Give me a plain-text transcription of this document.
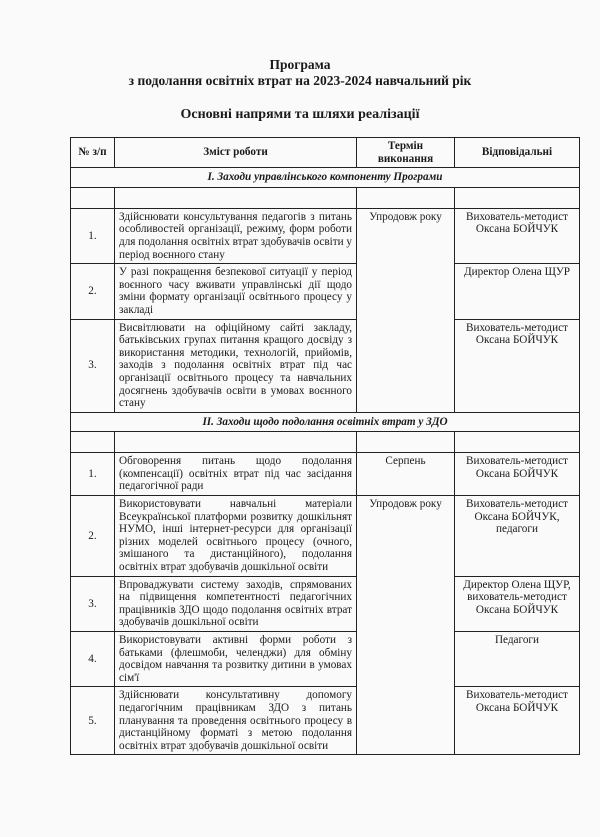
Програма
з подолання освітніх втрат на 2023-2024 навчальний рік
Основні напрями та шляхи реалізації
№ з/п	Зміст роботи	Термін виконання	Відповідальні
І. Заходи управлінського компоненту Програми			

1.	Здійснювати консультування педагогів з питань особливостей організації, режиму, форм роботи для подолання освітніх втрат здобувачів освіти у період воєнного стану	Упродовж року	Вихователь-методист Оксана БОЙЧУК
2.	У разі покращення безпекової ситуації у період воєнного часу вживати управлінські дії щодо зміни формату організації освітнього процесу у закладі		Директор Олена ЩУР
3.	Висвітлювати на офіційному сайті закладу, батьківських групах питання кращого досвіду з використання методики, технологій, прийомів, заходів з подолання освітніх втрат під час організації освітнього процесу та навчальних досягнень здобувачів освіти в умовах воєнного стану		Вихователь-методист Оксана БОЙЧУК
ІІ. Заходи щодо подолання освітніх втрат у ЗДО			

1.	Обговорення питань щодо подолання (компенсації) освітніх втрат під час засідання педагогічної ради	Серпень	Вихователь-методист Оксана БОЙЧУК
2.	Використовувати навчальні матеріали Всеукраїнської платформи розвитку дошкільнят НУМО, інші інтернет-ресурси для організації різних моделей освітнього процесу (очного, змішаного та дистанційного), подолання освітніх втрат здобувачів дошкільної освіти	Упродовж року	Вихователь-методист Оксана БОЙЧУК, педагоги
3.	Впроваджувати систему заходів, спрямованих на підвищення компетентності педагогічних працівників ЗДО щодо подолання освітніх втрат здобувачів дошкільної освіти		Директор Олена ЩУР, вихователь-методист Оксана БОЙЧУК
4.	Використовувати активні форми роботи з батьками (флешмоби, челенджи) для обміну досвідом навчання та розвитку дитини в умовах сім'ї		Педагоги
5.	Здійснювати консультативну допомогу педагогічним працівникам ЗДО з питань планування та проведення освітнього процесу в дистанційному форматі з метою подолання освітніх втрат здобувачів дошкільної освіти		Вихователь-методист Оксана БОЙЧУК
